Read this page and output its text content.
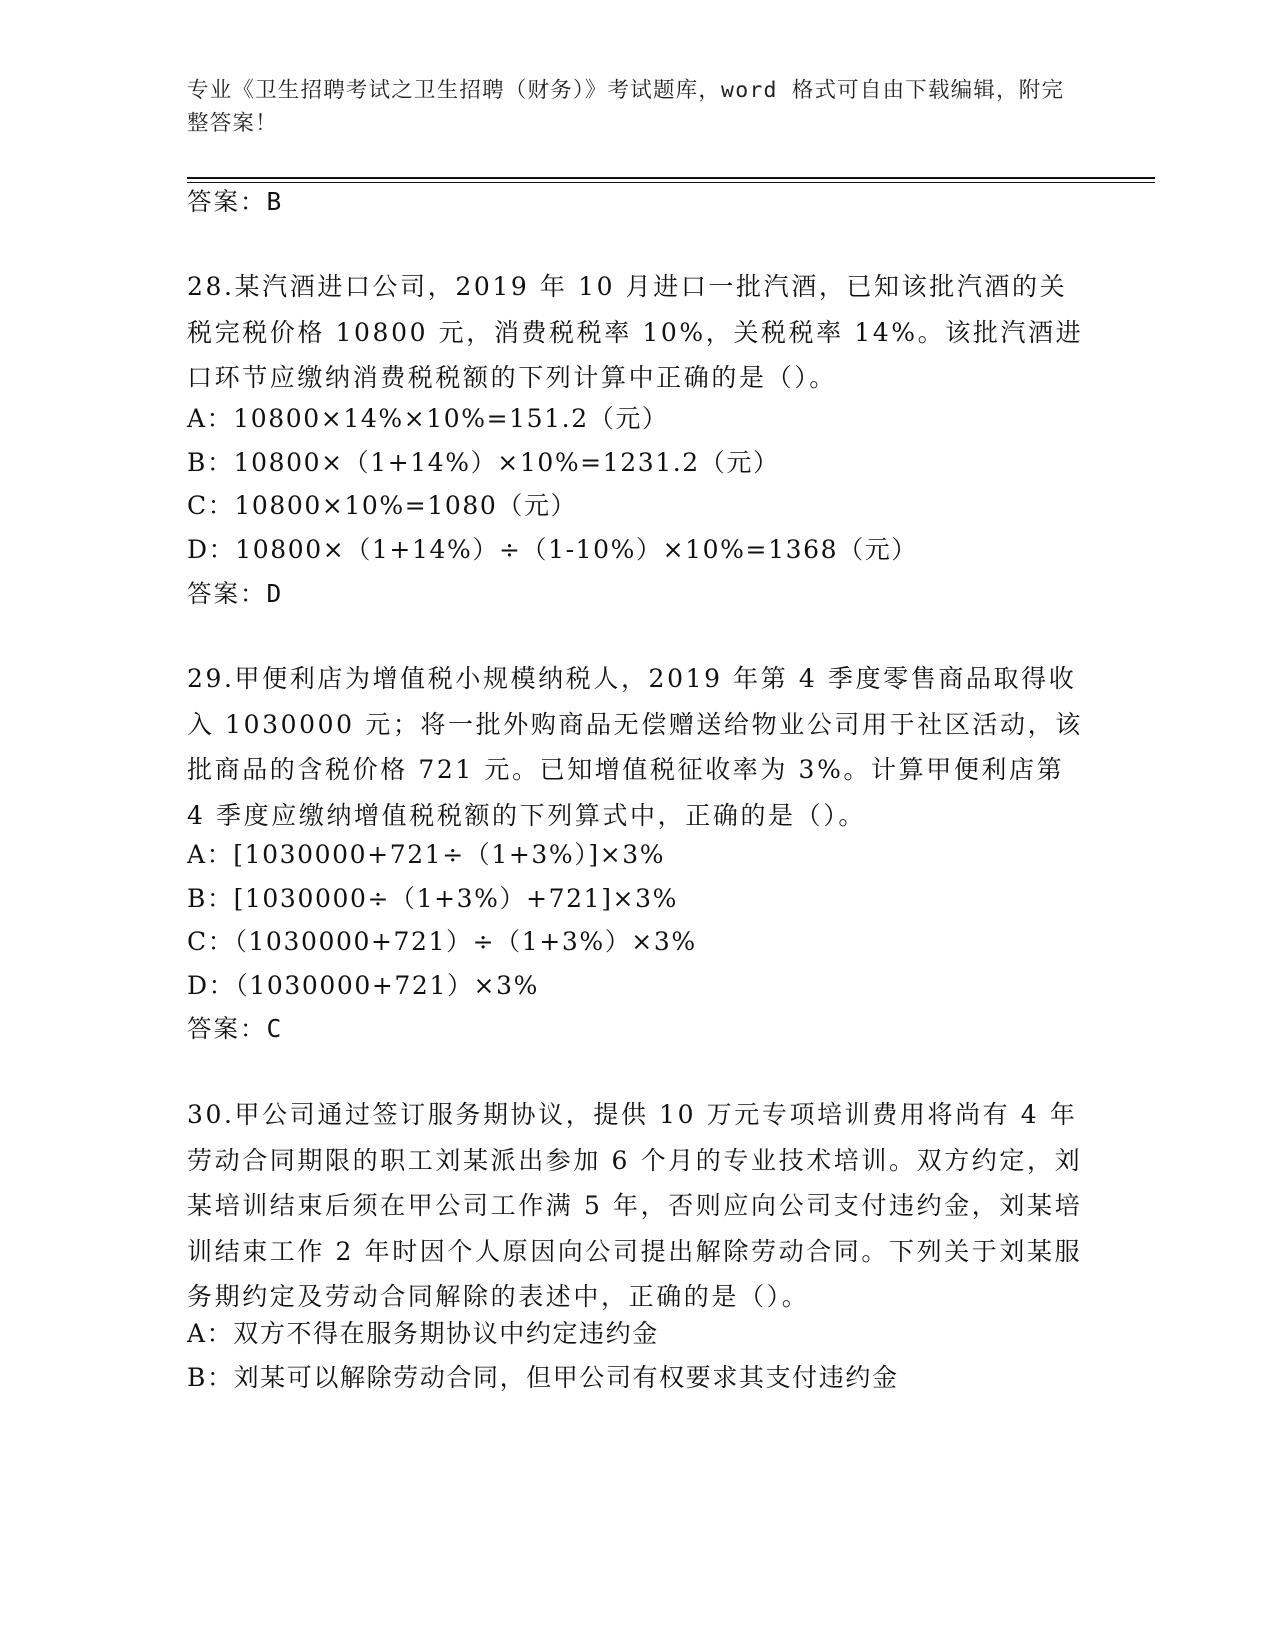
专业《卫生招聘考试之卫生招聘（财务）》考试题库，word 格式可自由下载编辑，附完整答案！
答案：B
28.某汽酒进口公司，2019 年 10 月进口一批汽酒，已知该批汽酒的关税完税价格 10800 元，消费税税率 10%，关税税率 14%。该批汽酒进口环节应缴纳消费税税额的下列计算中正确的是（）。
A：10800×14%×10%=151.2（元）
B：10800×（1+14%）×10%=1231.2（元）
C：10800×10%=1080（元）
D：10800×（1+14%）÷（1-10%）×10%=1368（元）
答案：D
29.甲便利店为增值税小规模纳税人，2019 年第 4 季度零售商品取得收入 1030000 元；将一批外购商品无偿赠送给物业公司用于社区活动，该批商品的含税价格 721 元。已知增值税征收率为 3%。计算甲便利店第 4 季度应缴纳增值税税额的下列算式中，正确的是（）。
A：[1030000+721÷（1+3%）]×3%
B：[1030000÷（1+3%）+721]×3%
C：（1030000+721）÷（1+3%）×3%
D：（1030000+721）×3%
答案：C
30.甲公司通过签订服务期协议，提供 10 万元专项培训费用将尚有 4 年劳动合同期限的职工刘某派出参加 6 个月的专业技术培训。双方约定，刘某培训结束后须在甲公司工作满 5 年，否则应向公司支付违约金，刘某培训结束工作 2 年时因个人原因向公司提出解除劳动合同。下列关于刘某服务期约定及劳动合同解除的表述中，正确的是（）。
A：双方不得在服务期协议中约定违约金
B：刘某可以解除劳动合同，但甲公司有权要求其支付违约金
